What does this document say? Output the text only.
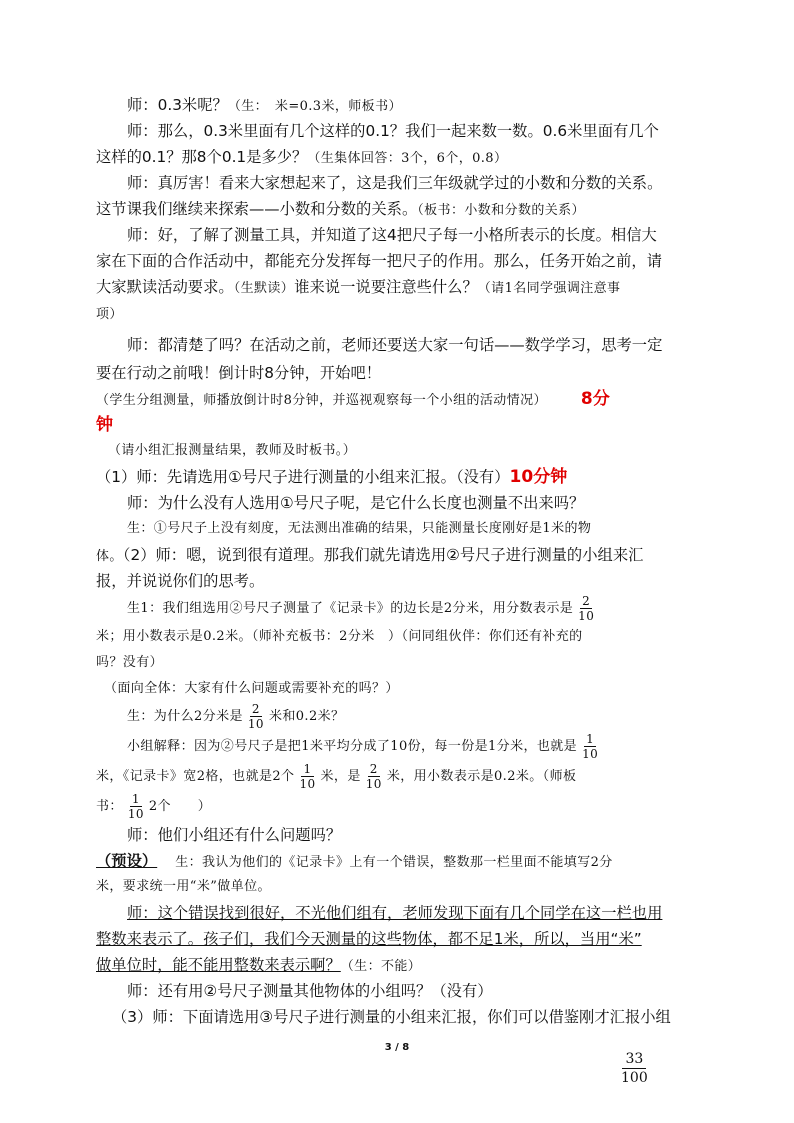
师：0.3米呢？（生：　米=0.3米，师板书）
师：那么，0.3米里面有几个这样的0.1？我们一起来数一数。0.6米里面有几个
这样的0.1？那8个0.1是多少？（生集体回答：3个，6个，0.8）
师：真厉害！看来大家想起来了，这是我们三年级就学过的小数和分数的关系。
这节课我们继续来探索——小数和分数的关系。（板书：小数和分数的关系）
师：好，了解了测量工具，并知道了这4把尺子每一小格所表示的长度。相信大
家在下面的合作活动中，都能充分发挥每一把尺子的作用。那么，任务开始之前，请
大家默读活动要求。（生默读）谁来说一说要注意些什么？（请1名同学强调注意事
项）
师：都清楚了吗？在活动之前，老师还要送大家一句话——数学学习，思考一定
要在行动之前哦！倒计时8分钟，开始吧！
（学生分组测量，师播放倒计时8分钟，并巡视观察每一个小组的活动情况） 8分
钟
（请小组汇报测量结果，教师及时板书。）
（1）师：先请选用①号尺子进行测量的小组来汇报。（没有）10分钟
师：为什么没有人选用①号尺子呢，是它什么长度也测量不出来吗？
生：①号尺子上没有刻度，无法测出准确的结果，只能测量长度刚好是1米的物
体。（2）师：嗯，说到很有道理。那我们就先请选用②号尺子进行测量的小组来汇
报，并说说你们的思考。
生1：我们组选用②号尺子测量了《记录卡》的边长是2分米，用分数表示是 $\frac{2}{10}$
米；用小数表示是0.2米。（师补充板书：2分米　）（问同组伙伴：你们还有补充的
吗？没有）
（面向全体：大家有什么问题或需要补充的吗？）
生：为什么2分米是 $\frac{2}{10}$ 米和0.2米？
小组解释：因为②号尺子是把1米平均分成了10份，每一份是1分米，也就是 $\frac{1}{10}$
米，《记录卡》宽2格，也就是2个 $\frac{1}{10}$ 米，是 $\frac{2}{10}$ 米，用小数表示是0.2米。（师板
书： $\frac{1}{10} 2$个　　）
师：他们小组还有什么问题吗？
（预设） 生：我认为他们的《记录卡》上有一个错误，整数那一栏里面不能填写2分
米，要求统一用“米”做单位。
师：这个错误找到很好，不光他们组有，老师发现下面有几个同学在这一栏也用
整数来表示了。孩子们，我们今天测量的这些物体，都不足1米，所以，当用“米”
做单位时，能不能用整数来表示啊？（生：不能）
师：还有用②号尺子测量其他物体的小组吗？（没有）
（3）师：下面请选用③号尺子进行测量的小组来汇报，你们可以借鉴刚才汇报小组
3 / 8
$\frac{33}{100}$
